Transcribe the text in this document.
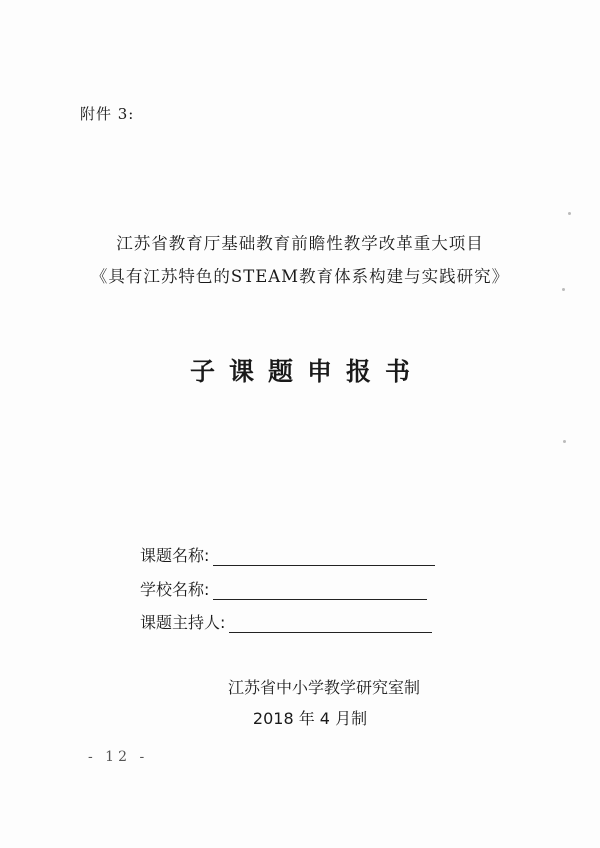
附件 3:
江苏省教育厅基础教育前瞻性教学改革重大项目
《具有江苏特色的STEAM教育体系构建与实践研究》
子课题申报书
课题名称:
学校名称:
课题主持人:
江苏省中小学教学研究室制
2018 年 4 月制
- 12 -
